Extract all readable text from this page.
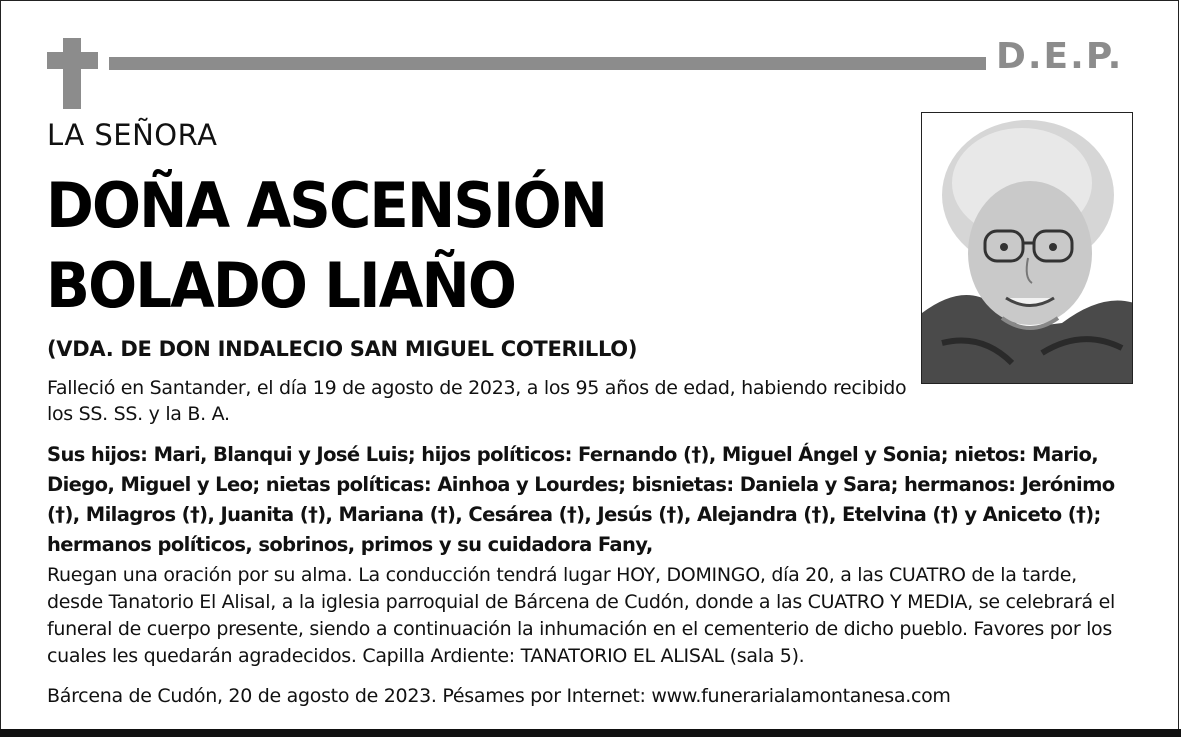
D.E.P.
LA SEÑORA
DOÑA ASCENSIÓN
BOLADO LIAÑO
(VDA. DE DON INDALECIO SAN MIGUEL COTERILLO)
Falleció en Santander, el día 19 de agosto de 2023, a los 95 años de edad, habiendo recibido los SS. SS. y la B. A.
Sus hijos: Mari, Blanqui y José Luis; hijos políticos: Fernando (†), Miguel Ángel y Sonia; nietos: Mario, Diego, Miguel y Leo; nietas políticas: Ainhoa y Lourdes; bisnietas: Daniela y Sara; hermanos: Jerónimo (†), Milagros (†), Juanita (†), Mariana (†), Cesárea (†), Jesús (†), Alejandra (†), Etelvina (†) y Aniceto (†); hermanos políticos, sobrinos, primos y su cuidadora Fany,
Ruegan una oración por su alma. La conducción tendrá lugar HOY, DOMINGO, día 20, a las CUATRO de la tarde, desde Tanatorio El Alisal, a la iglesia parroquial de Bárcena de Cudón, donde a las CUATRO Y MEDIA, se celebrará el funeral de cuerpo presente, siendo a continuación la inhumación en el cementerio de dicho pueblo. Favores por los cuales les quedarán agradecidos. Capilla Ardiente: TANATORIO EL ALISAL (sala 5).
Bárcena de Cudón, 20 de agosto de 2023. Pésames por Internet: www.funerarialamontanesa.com
